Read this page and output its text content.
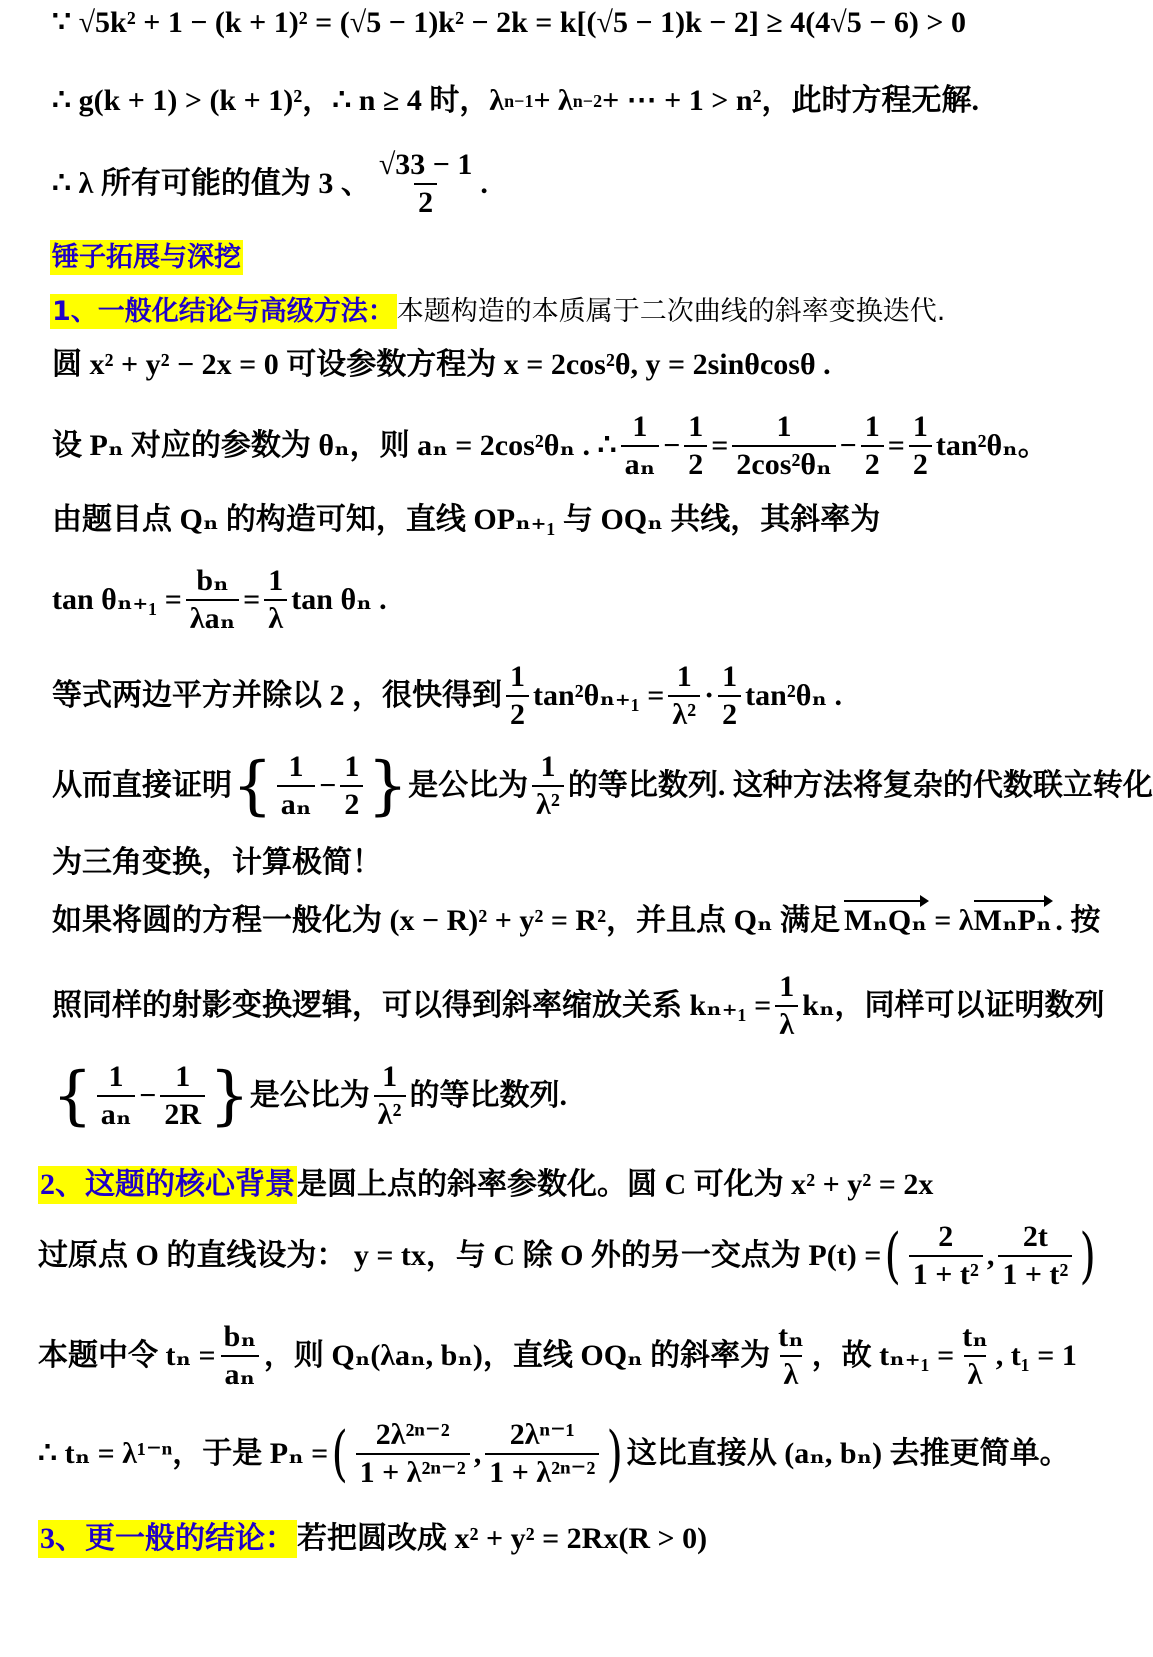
∵ √5k² + 1 − (k + 1)² = (√5 − 1)k² − 2k = k[(√5 − 1)k − 2] ≥ 4(4√5 − 6) > 0
∴ g(k + 1) > (k + 1)²，∴ n ≥ 4 时，λ n−1 + λ n−2 + ⋯ + 1 > n²，此时方程无解.
∴ λ 所有可能的值为 3 、 $\frac{√33 - 1}{2}$ .
锤子拓展与深挖
1、一般化结论与高级方法： 本题构造的本质属于二次曲线的斜率变换迭代.
圆 x² + y² − 2x = 0 可设参数方程为 x = 2cos²θ, y = 2sinθcosθ .
设 Pₙ 对应的参数为 θₙ，则 aₙ = 2cos²θₙ . ∴ $\frac{1}{\text{aₙ}} - \frac{1}{2} = \frac{1}{\text{2cos²θₙ}} - \frac{1}{2} = \frac{1}{2} \tan^2\theta_n$。
由题目点 Qₙ 的构造可知，直线 OPₙ₊₁ 与 OQₙ 共线，其斜率为
$\tan \theta_{n+1} = \frac{\text{bₙ}}{\text{λaₙ}} = \frac{1}{\lambda}$ tan θₙ .
等式两边平方并除以 2 ，很快得到 $\frac{1}{2} \tan^2\theta_{n+1} = \frac{1}{\text{λ²}} \cdot \frac{1}{2} \tan^2\theta_n$ .
从而直接证明 { $\frac{1}{\text{aₙ}} - \frac{1}{2}$ } 是公比为 $\frac{1}{\text{λ²}}$ 的等比数列. 这种方法将复杂的代数联立转化
为三角变换，计算极简！
如果将圆的方程一般化为 (x − R)² + y² = R²，并且点 Qₙ 满足 MₙQₙ = λMₙPₙ . 按
照同样的射影变换逻辑，可以得到斜率缩放关系 $k_{n+1} = \frac{1}{\lambda}$ kₙ，同样可以证明数列
{ $\frac{1}{\text{aₙ}} - \frac{1}{2R}$ } 是公比为 $\frac{1}{\text{λ²}}$ 的等比数列.
2、这题的核心背景 是圆上点的斜率参数化。圆 C 可化为 x² + y² = 2x
过原点 O 的直线设为： y = tx，与 C 除 O 外的另一交点为 P(t) = ( $\frac{2}{\text{1 + t²}}$ , $\frac{2t}{\text{1 + t²}}$ )
本题中令 $t_n = \frac{\text{bₙ}}{\text{aₙ}}$ ，则 Qₙ(λaₙ, bₙ)，直线 OQₙ 的斜率为 $\frac{\text{tₙ}}{\lambda}$ ，故 $t_{n+1} = \frac{\text{tₙ}}{\lambda}$ , t₁ = 1
∴ tₙ = λ¹⁻ⁿ，于是 Pₙ = ( $\frac{\text{2λ²ⁿ⁻²}}{\text{1 + λ²ⁿ⁻²}}$ , $\frac{\text{2λⁿ⁻¹}}{\text{1 + λ²ⁿ⁻²}}$ ) 这比直接从 (aₙ, bₙ) 去推更简单。
3、更一般的结论： 若把圆改成 x² + y² = 2Rx(R > 0)
